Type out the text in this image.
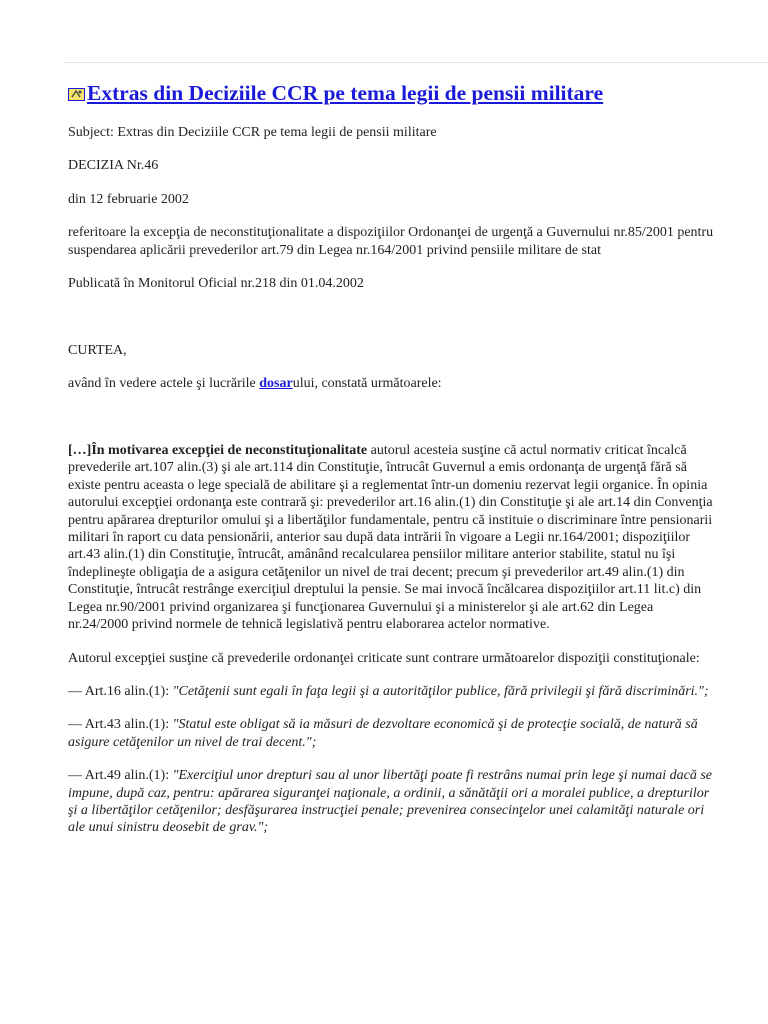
Extras din Deciziile CCR pe tema legii de pensii militare

Subject: Extras din Deciziile CCR pe tema legii de pensii militare

DECIZIA Nr.46

din 12 februarie 2002

referitoare la excepţia de neconstituţionalitate a dispoziţiilor Ordonanţei de urgenţă a Guvernului nr.85/2001 pentru suspendarea aplicării prevederilor art.79 din Legea nr.164/2001 privind pensiile militare de stat

Publicată în Monitorul Oficial nr.218 din 01.04.2002

CURTEA,

având în vedere actele şi lucrările dosarului, constată următoarele:

[…]În motivarea excepţiei de neconstituţionalitate autorul acesteia susţine că actul normativ criticat încalcă prevederile art.107 alin.(3) şi ale art.114 din Constituţie, întrucât Guvernul a emis ordonanţa de urgenţă fără să existe pentru aceasta o lege specială de abilitare şi a reglementat într-un domeniu rezervat legii organice. În opinia autorului excepţiei ordonanţa este contrară şi: prevederilor art.16 alin.(1) din Constituţie şi ale art.14 din Convenţia pentru apărarea drepturilor omului şi a libertăţilor fundamentale, pentru că instituie o discriminare între pensionarii militari în raport cu data pensionării, anterior sau după data intrării în vigoare a Legii nr.164/2001; dispoziţiilor art.43 alin.(1) din Constituţie, întrucât, amânând recalcularea pensiilor militare anterior stabilite, statul nu îşi îndeplineşte obligaţia de a asigura cetăţenilor un nivel de trai decent; precum şi prevederilor art.49 alin.(1) din Constituţie, întrucât restrânge exerciţiul dreptului la pensie. Se mai invocă încălcarea dispoziţiilor art.11 lit.c) din Legea nr.90/2001 privind organizarea şi funcţionarea Guvernului şi a ministerelor şi ale art.62 din Legea nr.24/2000 privind normele de tehnică legislativă pentru elaborarea actelor normative.

Autorul excepţiei susţine că prevederile ordonanţei criticate sunt contrare următoarelor dispoziţii constituţionale:

— Art.16 alin.(1): "Cetăţenii sunt egali în faţa legii şi a autorităţilor publice, fără privilegii şi fără discriminări.";

— Art.43 alin.(1): "Statul este obligat să ia măsuri de dezvoltare economică şi de protecţie socială, de natură să asigure cetăţenilor un nivel de trai decent.";

— Art.49 alin.(1): "Exerciţiul unor drepturi sau al unor libertăţi poate fi restrâns numai prin lege şi numai dacă se impune, după caz, pentru: apărarea siguranţei naţionale, a ordinii, a sănătăţii ori a moralei publice, a drepturilor şi a libertăţilor cetăţenilor; desfăşurarea instrucţiei penale; prevenirea consecinţelor unei calamităţi naturale ori ale unui sinistru deosebit de grav.";
